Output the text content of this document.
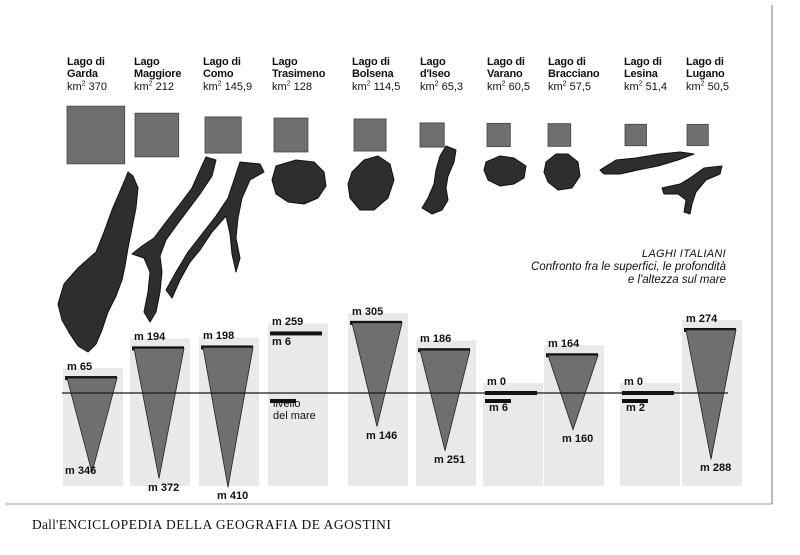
Lago di
Garda
$km^2$ 370
m 65
m 346
Lago
Maggiore
$km^2$ 212
m 194
m 372
Lago di
Como
$km^2$ 145,9
m 198
m 410
Lago
Trasimeno
$km^2$ 128
m 259
m 6
Lago di
Bolsena
$km^2$ 114,5
m 305
m 146
Lago
d'Iseo
$km^2$ 65,3
m 186
m 251
Lago di
Varano
$km^2$ 60,5
m 0
m 6
Lago di
Bracciano
$km^2$ 57,5
m 164
m 160
Lago di
Lesina
$km^2$ 51,4
m 0
m 2
Lago di
Lugano
$km^2$ 50,5
m 274
m 288
LAGHI ITALIANI
Confronto fra le superfici, le profondità
e l'altezza sul mare
livello
del mare
Dall'ENCICLOPEDIA DELLA GEOGRAFIA DE AGOSTINI
